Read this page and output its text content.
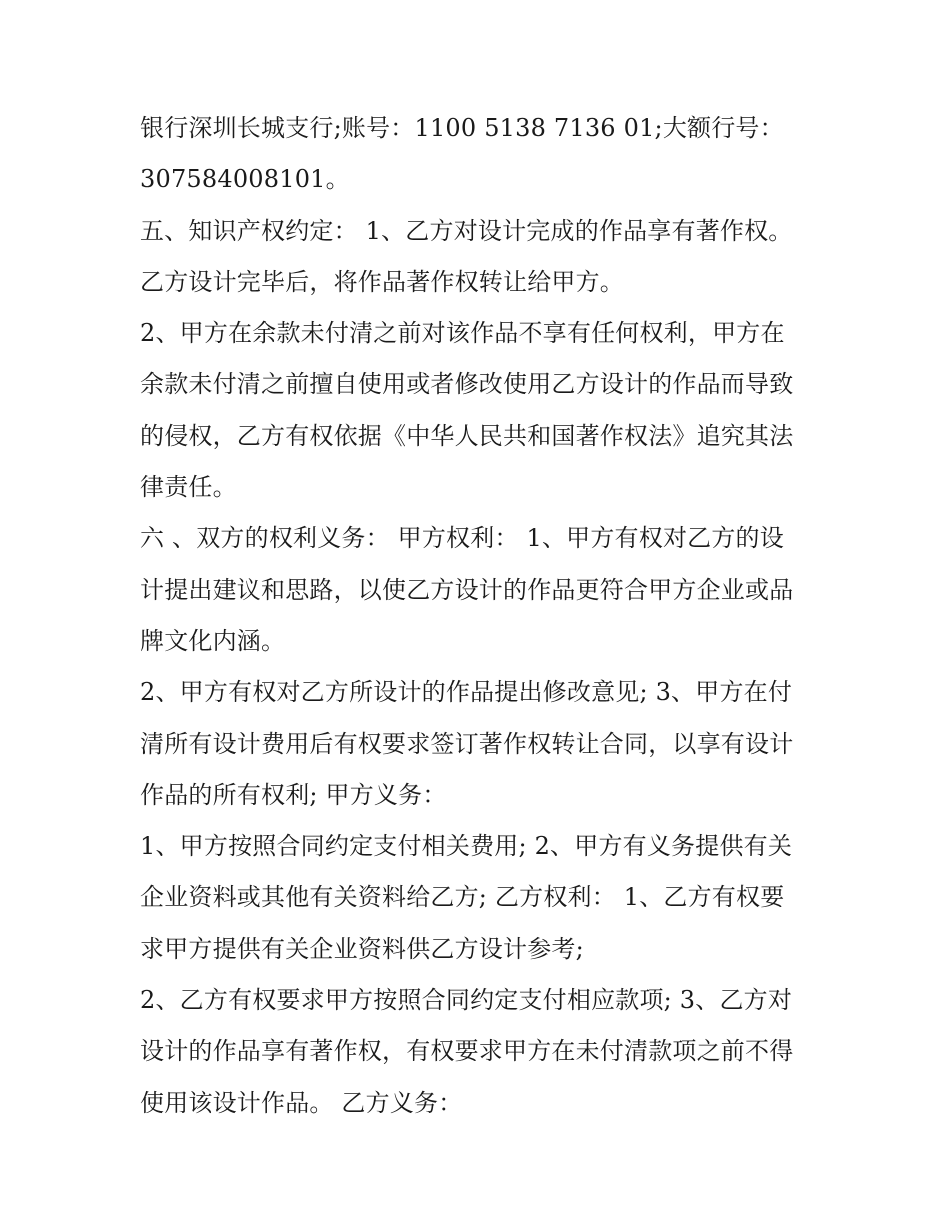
银行深圳长城支行;账号：1100 5138 7136 01;大额行号：
307584008101。
五、知识产权约定： 1、乙方对设计完成的作品享有著作权。
乙方设计完毕后，将作品著作权转让给甲方。
2、甲方在余款未付清之前对该作品不享有任何权利，甲方在
余款未付清之前擅自使用或者修改使用乙方设计的作品而导致
的侵权，乙方有权依据《中华人民共和国著作权法》追究其法
律责任。
六 、双方的权利义务： 甲方权利： 1、甲方有权对乙方的设
计提出建议和思路，以使乙方设计的作品更符合甲方企业或品
牌文化内涵。
2、甲方有权对乙方所设计的作品提出修改意见; 3、甲方在付
清所有设计费用后有权要求签订著作权转让合同，以享有设计
作品的所有权利; 甲方义务：
1、甲方按照合同约定支付相关费用; 2、甲方有义务提供有关
企业资料或其他有关资料给乙方; 乙方权利： 1、乙方有权要
求甲方提供有关企业资料供乙方设计参考;
2、乙方有权要求甲方按照合同约定支付相应款项; 3、乙方对
设计的作品享有著作权，有权要求甲方在未付清款项之前不得
使用该设计作品。 乙方义务：
